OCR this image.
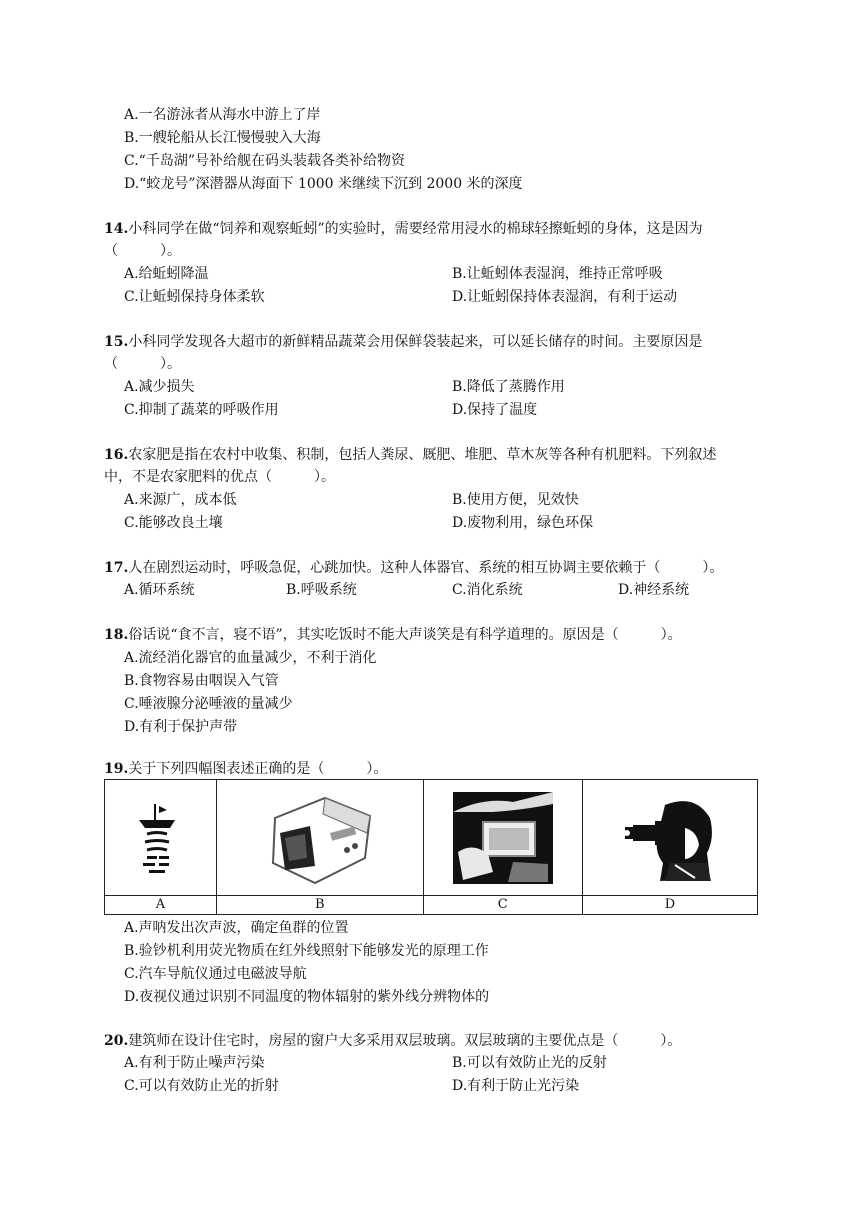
A.一名游泳者从海水中游上了岸
B.一艘轮船从长江慢慢驶入大海
C.“千岛湖”号补给舰在码头装载各类补给物资
D.“蛟龙号”深潜器从海面下 1000 米继续下沉到 2000 米的深度
14.小科同学在做“饲养和观察蚯蚓”的实验时，需要经常用浸水的棉球轻擦蚯蚓的身体，这是因为
（　　　）。
A.给蚯蚓降温	B.让蚯蚓体表湿润，维持正常呼吸
C.让蚯蚓保持身体柔软	D.让蚯蚓保持体表湿润，有利于运动
15.小科同学发现各大超市的新鲜精品蔬菜会用保鲜袋装起来，可以延长储存的时间。主要原因是
（　　　）。
A.减少损失	B.降低了蒸腾作用
C.抑制了蔬菜的呼吸作用	D.保持了温度
16.农家肥是指在农村中收集、积制，包括人粪尿、厩肥、堆肥、草木灰等各种有机肥料。下列叙述
中，不是农家肥料的优点（　　　）。
A.来源广，成本低	B.使用方便，见效快
C.能够改良土壤	D.废物利用，绿色环保
17.人在剧烈运动时，呼吸急促，心跳加快。这种人体器官、系统的相互协调主要依赖于（　　　）。
A.循环系统	B.呼吸系统	C.消化系统	D.神经系统
18.俗话说“食不言，寝不语”，其实吃饭时不能大声谈笑是有科学道理的。原因是（　　　）。
A.流经消化器官的血量减少，不利于消化
B.食物容易由咽误入气管
C.唾液腺分泌唾液的量减少
D.有利于保护声带
19.关于下列四幅图表述正确的是（　　　）。

A	B	C	D
A.声呐发出次声波，确定鱼群的位置
B.验钞机利用荧光物质在红外线照射下能够发光的原理工作
C.汽车导航仪通过电磁波导航
D.夜视仪通过识别不同温度的物体辐射的紫外线分辨物体的
20.建筑师在设计住宅时，房屋的窗户大多采用双层玻璃。双层玻璃的主要优点是（　　　）。
A.有利于防止噪声污染	B.可以有效防止光的反射
C.可以有效防止光的折射	D.有利于防止光污染
